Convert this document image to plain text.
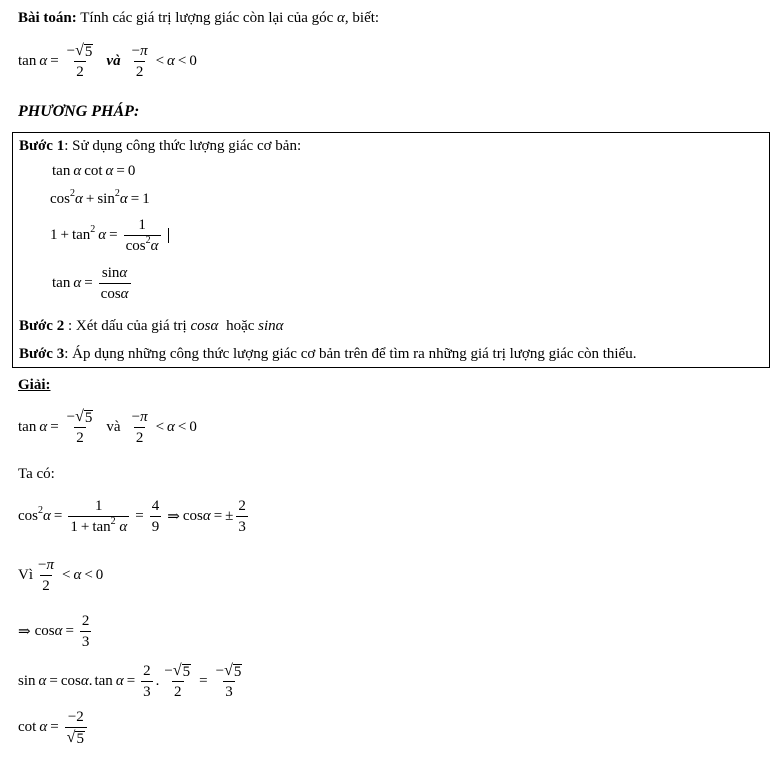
Bài toán: Tính các giá trị lượng giác còn lại của góc α, biết:
$\tan \alpha = \frac{- √ 5}{2}$ và $\frac{-\pi}{2} < \alpha < 0$
PHƯƠNG PHÁP:
Bước 1: Sử dụng công thức lượng giác cơ bản:
tan α cot α = 0
$\cos^2 \alpha + \sin^2 \alpha = 1$
$1 + \tan^2 \alpha = \frac{1}{\cos^2\alpha}$
$\tan \alpha = \frac{\sin\alpha}{\cos\alpha}$
Bước 2 : Xét dấu của giá trị cosα hoặc sinα
Bước 3: Áp dụng những công thức lượng giác cơ bản trên để tìm ra những giá trị lượng giác còn thiếu.
Giải:
$\tan \alpha = \frac{- √ 5}{2}$ và $\frac{-\pi}{2} < \alpha < 0$
Ta có:
$\cos^2 \alpha = \frac{1}{1 + \tan^2 \alpha} = \frac{4}{9}$ ⇒ cos α = ± $\frac{2}{3}$
Vì $\frac{-\pi}{2} < \alpha < 0$
⇒ $\cos \alpha = \frac{2}{3}$
sin α = cos α . $\tan \alpha = \frac{2}{3}$ . $\frac{- √ 5}{2} = \frac{- √ 5}{3}$
$\cot \alpha = \frac{-2}{√ 5}$
